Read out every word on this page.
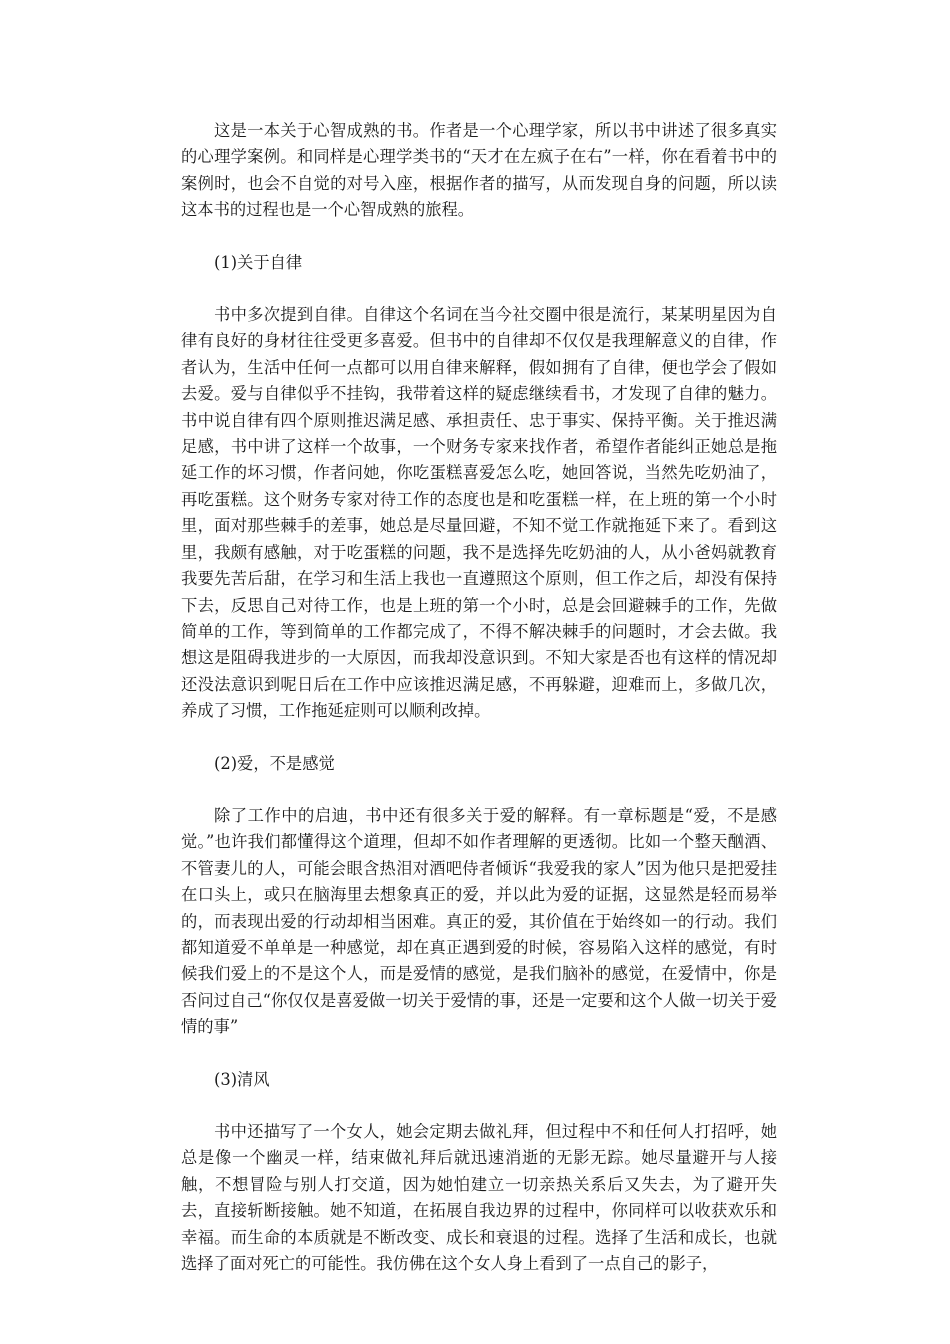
这是一本关于心智成熟的书。作者是一个心理学家，所以书中讲述了很多真实的心理学案例。和同样是心理学类书的“天才在左疯子在右”一样，你在看着书中的案例时，也会不自觉的对号入座，根据作者的描写，从而发现自身的问题，所以读这本书的过程也是一个心智成熟的旅程。

(1)关于自律

书中多次提到自律。自律这个名词在当今社交圈中很是流行，某某明星因为自律有良好的身材往往受更多喜爱。但书中的自律却不仅仅是我理解意义的自律，作者认为，生活中任何一点都可以用自律来解释，假如拥有了自律，便也学会了假如去爱。爱与自律似乎不挂钩，我带着这样的疑虑继续看书，才发现了自律的魅力。书中说自律有四个原则推迟满足感、承担责任、忠于事实、保持平衡。关于推迟满足感，书中讲了这样一个故事，一个财务专家来找作者，希望作者能纠正她总是拖延工作的坏习惯，作者问她，你吃蛋糕喜爱怎么吃，她回答说，当然先吃奶油了，再吃蛋糕。这个财务专家对待工作的态度也是和吃蛋糕一样，在上班的第一个小时里，面对那些棘手的差事，她总是尽量回避，不知不觉工作就拖延下来了。看到这里，我颇有感触，对于吃蛋糕的问题，我不是选择先吃奶油的人，从小爸妈就教育我要先苦后甜，在学习和生活上我也一直遵照这个原则，但工作之后，却没有保持下去，反思自己对待工作，也是上班的第一个小时，总是会回避棘手的工作，先做简单的工作，等到简单的工作都完成了，不得不解决棘手的问题时，才会去做。我想这是阻碍我进步的一大原因，而我却没意识到。不知大家是否也有这样的情况却还没法意识到呢日后在工作中应该推迟满足感，不再躲避，迎难而上，多做几次，养成了习惯，工作拖延症则可以顺利改掉。

(2)爱，不是感觉

除了工作中的启迪，书中还有很多关于爱的解释。有一章标题是“爱，不是感觉。”也许我们都懂得这个道理，但却不如作者理解的更透彻。比如一个整天酗酒、不管妻儿的人，可能会眼含热泪对酒吧侍者倾诉“我爱我的家人”因为他只是把爱挂在口头上，或只在脑海里去想象真正的爱，并以此为爱的证据，这显然是轻而易举的，而表现出爱的行动却相当困难。真正的爱，其价值在于始终如一的行动。我们都知道爱不单单是一种感觉，却在真正遇到爱的时候，容易陷入这样的感觉，有时候我们爱上的不是这个人，而是爱情的感觉，是我们脑补的感觉，在爱情中，你是否问过自己“你仅仅是喜爱做一切关于爱情的事，还是一定要和这个人做一切关于爱情的事”

(3)清风

书中还描写了一个女人，她会定期去做礼拜，但过程中不和任何人打招呼，她总是像一个幽灵一样，结束做礼拜后就迅速消逝的无影无踪。她尽量避开与人接触，不想冒险与别人打交道，因为她怕建立一切亲热关系后又失去，为了避开失去，直接斩断接触。她不知道，在拓展自我边界的过程中，你同样可以收获欢乐和幸福。而生命的本质就是不断改变、成长和衰退的过程。选择了生活和成长，也就选择了面对死亡的可能性。我仿佛在这个女人身上看到了一点自己的影子，
